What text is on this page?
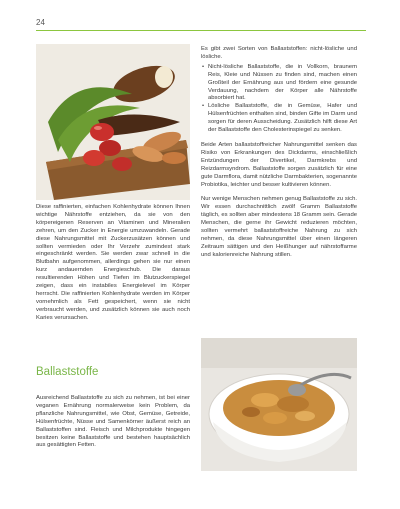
24

Diese raffinierten, einfachen Kohlenhydrate können Ihnen wichtige Nährstoffe entziehen, da sie von den körpereigenen Reserven an Vitaminen und Mineralien zehren, um den Zucker in Energie umzuwandeln. Gerade diese Nahrungsmittel mit Zuckerzusätzen können und sollten vermieden oder Ihr Verzehr zumindest stark eingeschränkt werden. Sie werden zwar schnell in die Blutbahn aufgenommen, allerdings gehen sie nur einen kurz andauernden Energieschub. Die daraus resultierenden Höhen und Tiefen im Blutzuckerspiegel zeigen, dass ein instabiles Energielevel im Körper herrscht. Die raffinierten Kohlenhydrate werden im Körper vornehmlich als Fett gespeichert, wenn sie nicht verbraucht werden, und zusätzlich können sie auch noch Karies verursachen.

Ballaststoffe

Ausreichend Ballaststoffe zu sich zu nehmen, ist bei einer veganen Ernährung normalerweise kein Problem, da pflanzliche Nahrungsmittel, wie Obst, Gemüse, Getreide, Hülsenfrüchte, Nüsse und Samenkörner äußerst reich an Ballaststoffen sind. Fleisch und Milchprodukte hingegen besitzen keine Ballaststoffe und bestehen hauptsächlich aus gesättigten Fetten.

Es gibt zwei Sorten von Ballaststoffen: nicht-lösliche und lösliche.

• Nicht-lösliche Ballaststoffe, die in Vollkorn, braunem Reis, Kleie und Nüssen zu finden sind, machen einen Großteil der Ernährung aus und fördern eine gesunde Verdauung, nachdem der Körper alle Nährstoffe absorbiert hat.
• Lösliche Ballaststoffe, die in Gemüse, Hafer und Hülsenfrüchten enthalten sind, binden Gifte im Darm und sorgen für deren Ausscheidung. Zusätzlich hilft diese Art der Ballaststoffe den Cholesterinspiegel zu senken.

Beide Arten ballaststoffreicher Nahrungsmittel senken das Risiko von Erkrankungen des Dickdarms, einschließlich Entzündungen der Divertikel, Darmkrebs und Reizdarmsyndrom. Ballaststoffe sorgen zusätzlich für eine gute Darmflora, damit nützliche Darmbakterien, sogenannte Probiotika, leichter und besser kultivieren können.

Nur wenige Menschen nehmen genug Ballaststoffe zu sich. Wir essen durchschnittlich zwölf Gramm Ballaststoffe täglich, es sollten aber mindestens 18 Gramm sein. Gerade Menschen, die gerne ihr Gewicht reduzieren möchten, sollten vermehrt ballaststoffreiche Nahrung zu sich nehmen, da diese Nahrungsmittel über einen längeren Zeitraum sättigen und den Heißhunger auf nährstoffarme und kalorienreiche Nahrung stillen.
